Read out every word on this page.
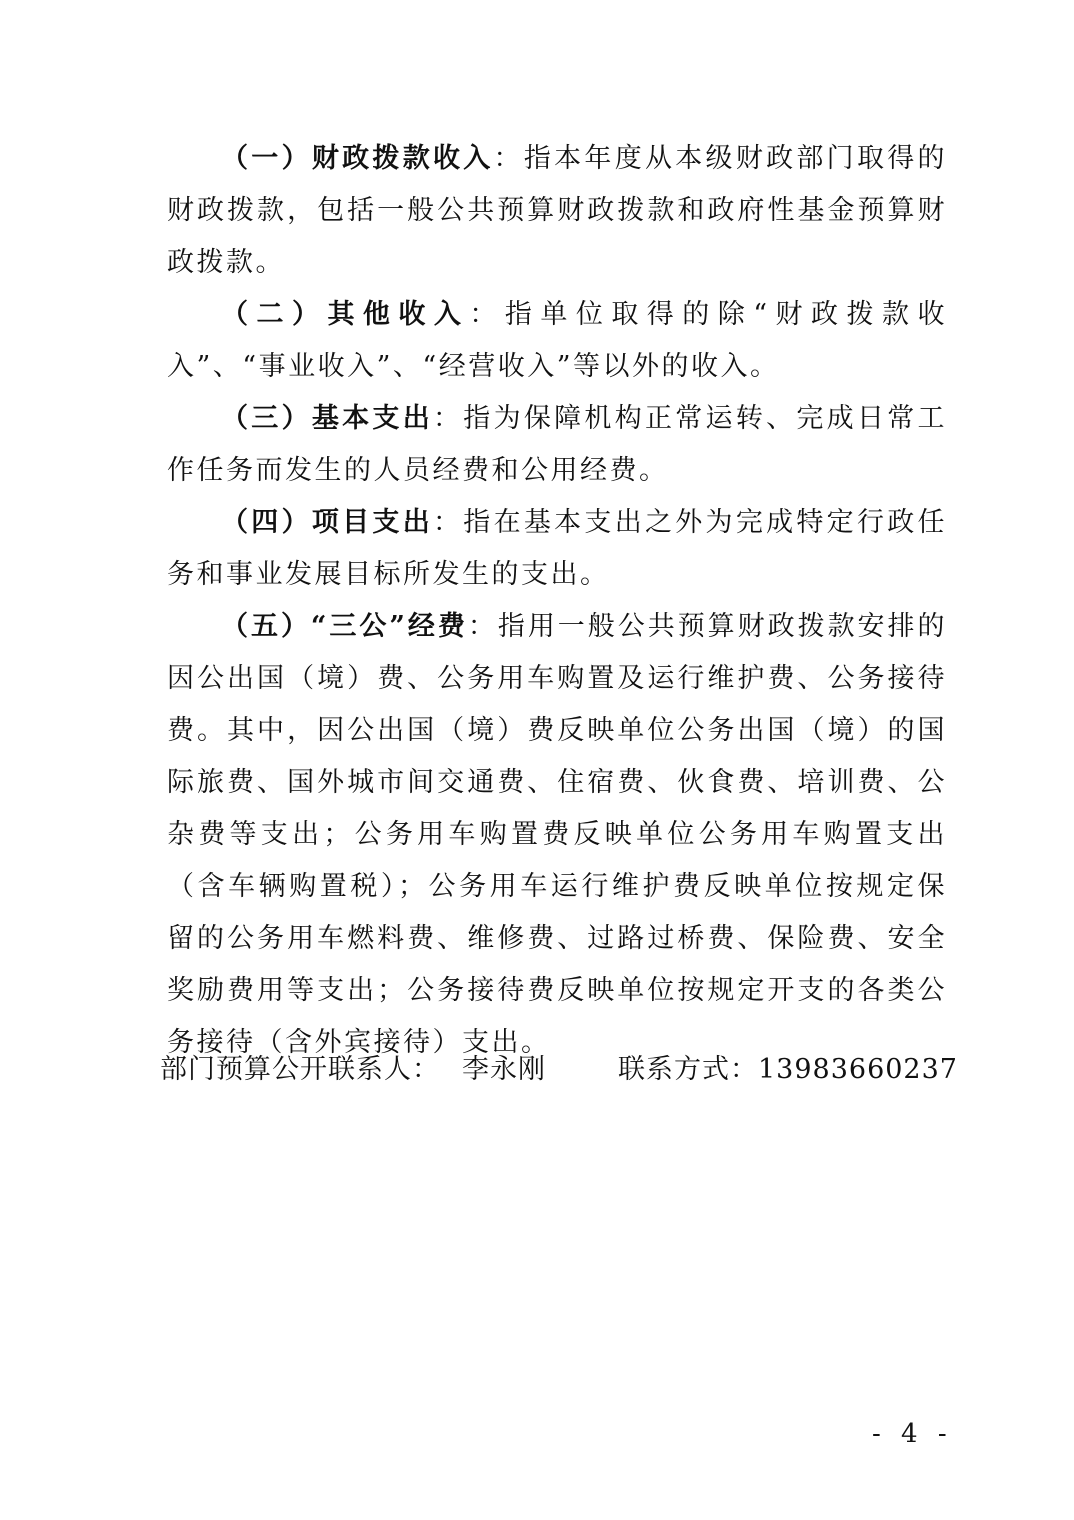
（一）财政拨款收入：指本年度从本级财政部门取得的财政拨款，包括一般公共预算财政拨款和政府性基金预算财政拨款。

（二）其他收入：指单位取得的除“财政拨款收入”、“事业收入”、“经营收入”等以外的收入。

（三）基本支出：指为保障机构正常运转、完成日常工作任务而发生的人员经费和公用经费。

（四）项目支出：指在基本支出之外为完成特定行政任务和事业发展目标所发生的支出。

（五）“三公”经费：指用一般公共预算财政拨款安排的因公出国（境）费、公务用车购置及运行维护费、公务接待费。其中，因公出国（境）费反映单位公务出国（境）的国际旅费、国外城市间交通费、住宿费、伙食费、培训费、公杂费等支出；公务用车购置费反映单位公务用车购置支出（含车辆购置税）；公务用车运行维护费反映单位按规定保留的公务用车燃料费、维修费、过路过桥费、保险费、安全奖励费用等支出；公务接待费反映单位按规定开支的各类公务接待（含外宾接待）支出。

部门预算公开联系人： 李永刚	联系方式：13983660237
- 4 -
